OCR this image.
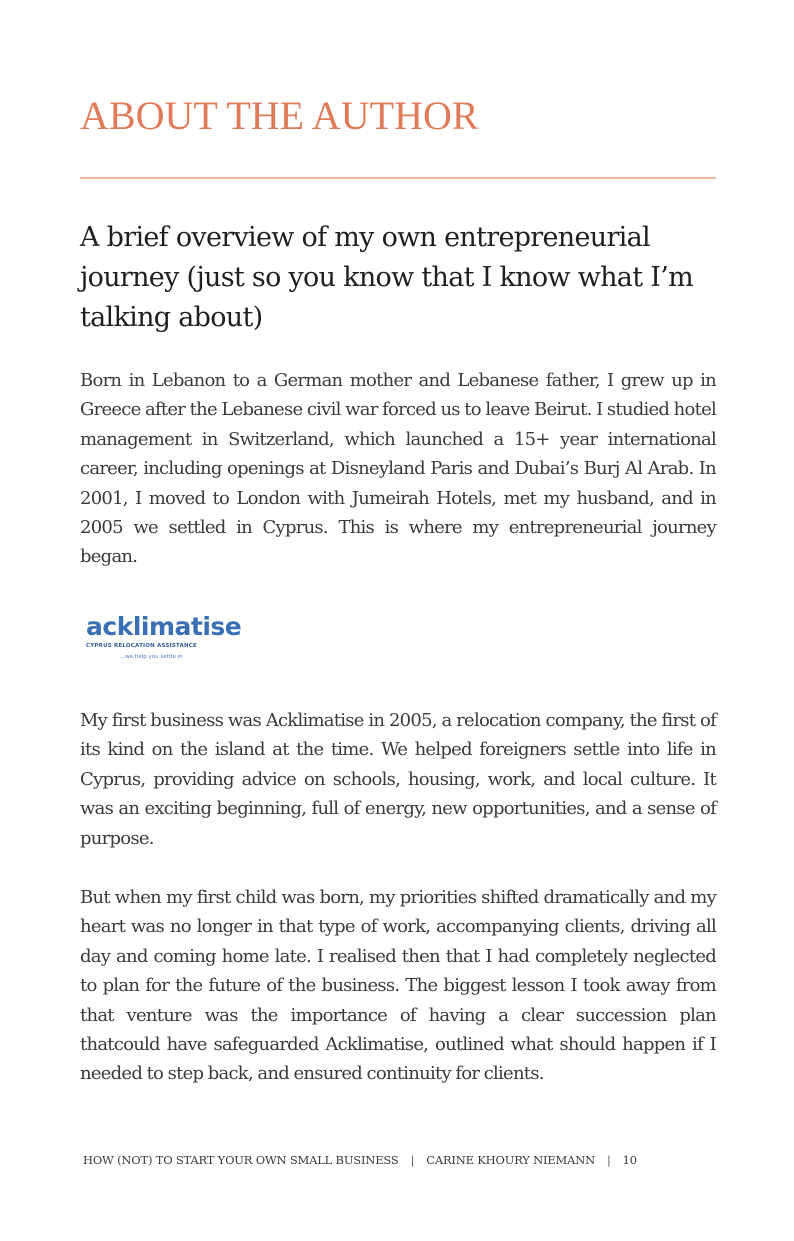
ABOUT THE AUTHOR
A brief overview of my own entrepreneurial journey (just so you know that I know what I’m talking about)

Born in Lebanon to a German mother and Lebanese father, I grew up in Greece after the Lebanese civil war forced us to leave Beirut. I studied hotel management in Switzerland, which launched a 15+ year international career, including openings at Disneyland Paris and Dubai’s Burj Al Arab. In 2001, I moved to London with Jumeirah Hotels, met my husband, and in 2005 we settled in Cyprus. This is where my entrepreneurial journey began.

acklimatise
CYPRUS RELOCATION ASSISTANCE
...we help you settle in

My first business was Acklimatise in 2005, a relocation company, the first of its kind on the island at the time. We helped foreigners settle into life in Cyprus, providing advice on schools, housing, work, and local culture. It was an exciting beginning, full of energy, new opportunities, and a sense of purpose.

But when my first child was born, my priorities shifted dramatically and my heart was no longer in that type of work, accompanying clients, driving all day and coming home late. I realised then that I had completely neglected to plan for the future of the business. The biggest lesson I took away from that venture was the importance of having a clear succession plan thatcould have safeguarded Acklimatise, outlined what should happen if I needed to step back, and ensured continuity for clients.

HOW (NOT) TO START YOUR OWN SMALL BUSINESS | CARINE KHOURY NIEMANN | 10
